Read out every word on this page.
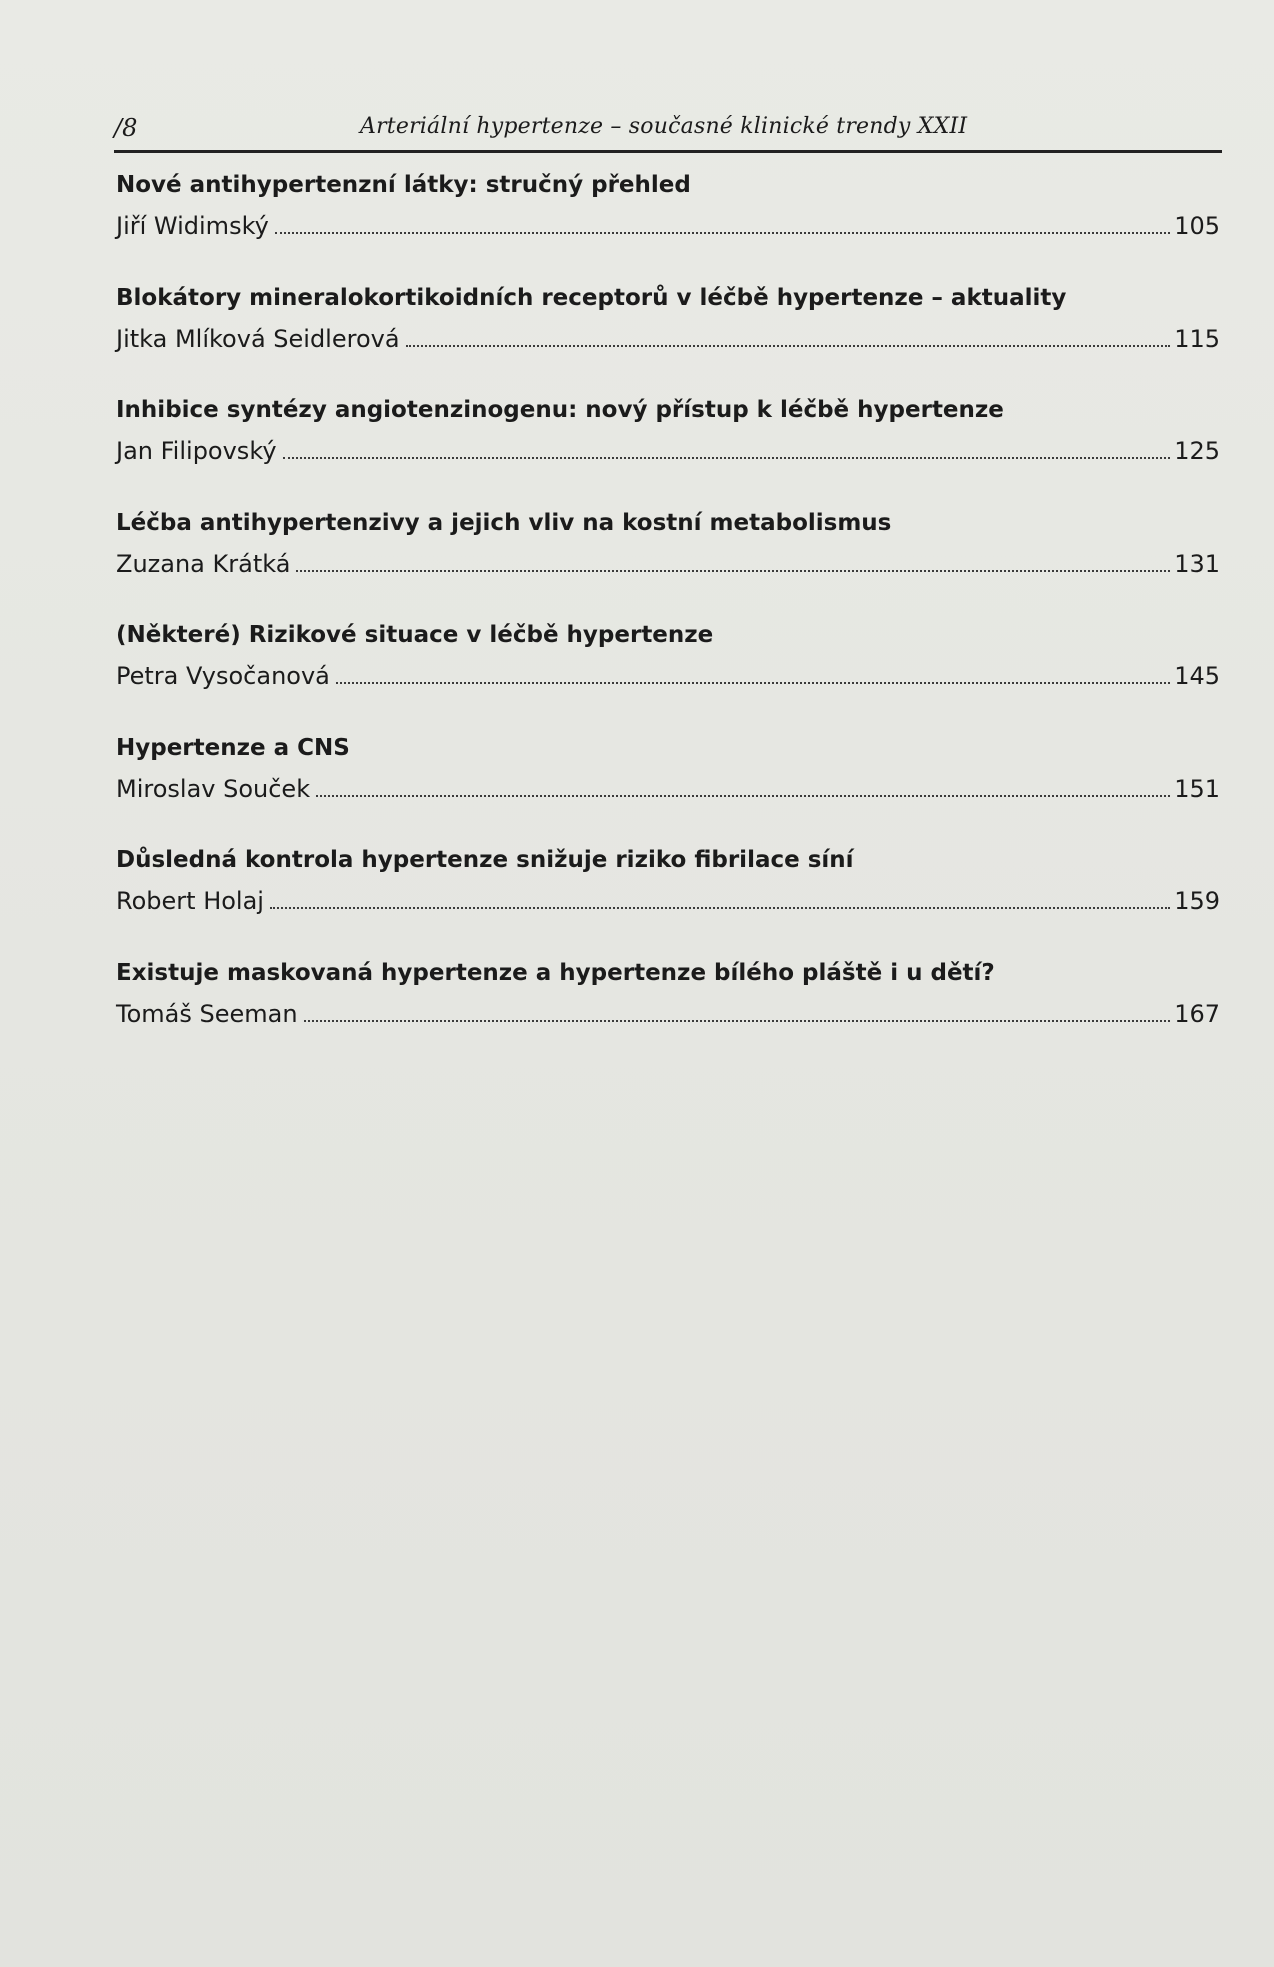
/8	Arteriální hypertenze – současné klinické trendy XXII
Nové antihypertenzní látky: stručný přehled
Jiří Widimský	105
Blokátory mineralokortikoidních receptorů v léčbě hypertenze – aktuality
Jitka Mlíková Seidlerová	115
Inhibice syntézy angiotenzinogenu: nový přístup k léčbě hypertenze
Jan Filipovský	125
Léčba antihypertenzivy a jejich vliv na kostní metabolismus
Zuzana Krátká	131
(Některé) Rizikové situace v léčbě hypertenze
Petra Vysočanová	145
Hypertenze a CNS
Miroslav Souček	151
Důsledná kontrola hypertenze snižuje riziko fibrilace síní
Robert Holaj	159
Existuje maskovaná hypertenze a hypertenze bílého pláště i u dětí?
Tomáš Seeman	167
